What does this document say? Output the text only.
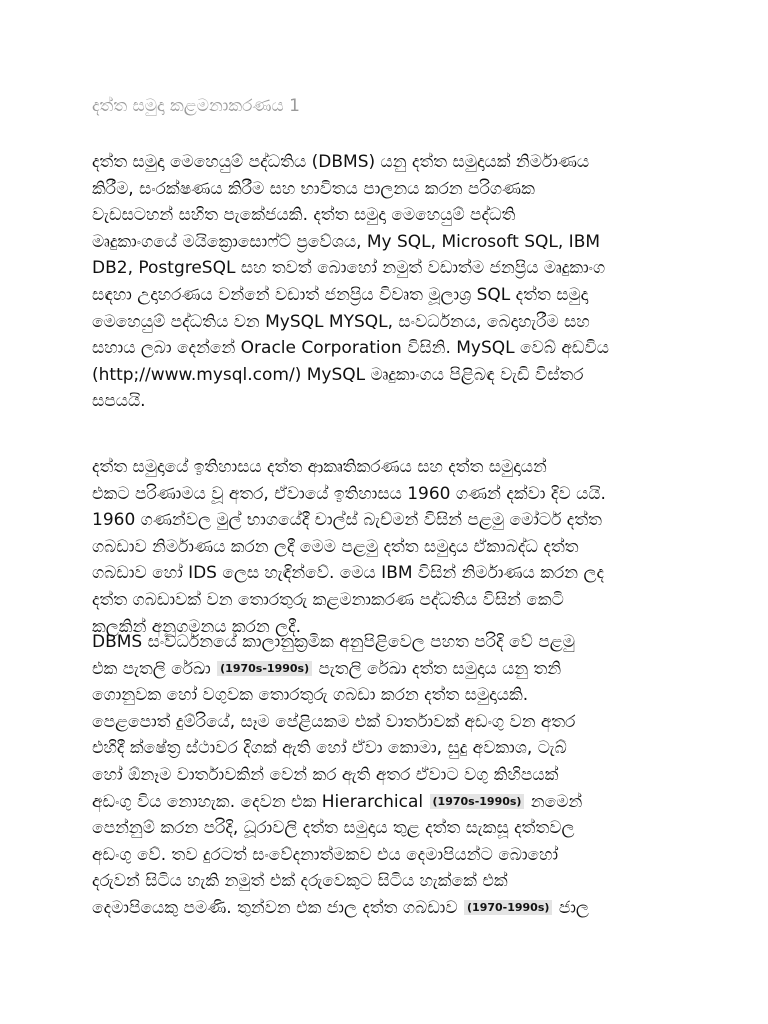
දත්ත සමුදා කළමනාකරණය 1
දත්ත සමුදා මෙහෙයුම් පද්ධතිය (DBMS) යනු දත්ත සමුදායක් නිර්මාණය
කිරීම, සංරක්ෂණය කිරීම සහ භාවිතය පාලනය කරන පරිගණක
වැඩසටහන් සහිත පැකේජයකි. දත්ත සමුදා මෙහෙයුම් පද්ධති
මෘදුකාංගයේ මයික්‍රොසොෆ්ට් ප්‍රවේශය, My SQL, Microsoft SQL, IBM
DB2, PostgreSQL සහ තවත් බොහෝ නමුත් වඩාත්ම ජනප්‍රිය මෘදුකාංග
සඳහා උදාහරණය වන්නේ වඩාත් ජනප්‍රිය විවෘත මූලාශ්‍ර SQL දත්ත සමුදා
මෙහෙයුම් පද්ධතිය වන MySQL MYSQL, සංවර්ධනය, බෙදාහැරීම සහ
සහාය ලබා දෙන්නේ Oracle Corporation විසිනි. MySQL වෙබ් අඩවිය
(http;//www.mysql.com/) MySQL මෘදුකාංගය පිළිබඳ වැඩි විස්තර
සපයයි.
දත්ත සමුදායේ ඉතිහාසය දත්ත ආකෘතිකරණය සහ දත්ත සමුදායන්
එකට පරිණාමය වූ අතර, ඒවායේ ඉතිහාසය 1960 ගණන් දක්වා දිව යයි.
1960 ගණන්වල මුල් භාගයේදී චාල්ස් බැච්මන් විසින් පළමු මෝටර් දත්ත
ගබඩාව නිර්මාණය කරන ලදී මෙම පළමු දත්ත සමුදාය ඒකාබද්ධ දත්ත
ගබඩාව හෝ IDS ලෙස හැඳින්වේ. මෙය IBM විසින් නිර්මාණය කරන ලද
දත්ත ගබඩාවක් වන තොරතුරු කළමනාකරණ පද්ධතිය විසින් කෙටි
කලකින් අනුගමනය කරන ලදී.
DBMS සංවර්ධනයේ කාලානුක්‍රමික අනුපිළිවෙල පහත පරිදි වේ පළමු
එක පැතලි රේඛා (1970s-1990s) පැතලි රේඛා දත්ත සමුදාය යනු තනි
ගොනුවක හෝ වගුවක තොරතුරු ගබඩා කරන දත්ත සමුදායකි.
පෙළපොත් දුම්රියේ, සෑම පේළියකම එක් වාර්තාවක් අඩංගු වන අතර
එහිදී ක්ෂේත්‍ර ස්ථාවර දිගක් ඇති හෝ ඒවා කොමා, සුදු අවකාශ, ටැබ්
හෝ ඕනෑම වාර්තාවකින් වෙන් කර ඇති අතර ඒවාට වගු කිහිපයක්
අඩංගු විය නොහැක. දෙවන එක Hierarchical (1970s-1990s) නමෙන්
පෙන්නුම් කරන පරිදි, ධූරාවලි දත්ත සමුදාය තුළ දත්ත සැකසූ දත්තවල
අඩංගු වේ. තව දුරටත් සංවේදනාත්මකව එය දෙමාපියන්ට බොහෝ
දරුවන් සිටිය හැකි නමුත් එක් දරුවෙකුට සිටිය හැක්කේ එක්
දෙමාපියෙකු පමණි. තුන්වන එක ජාල දත්ත ගබඩාව (1970-1990s) ජාල
